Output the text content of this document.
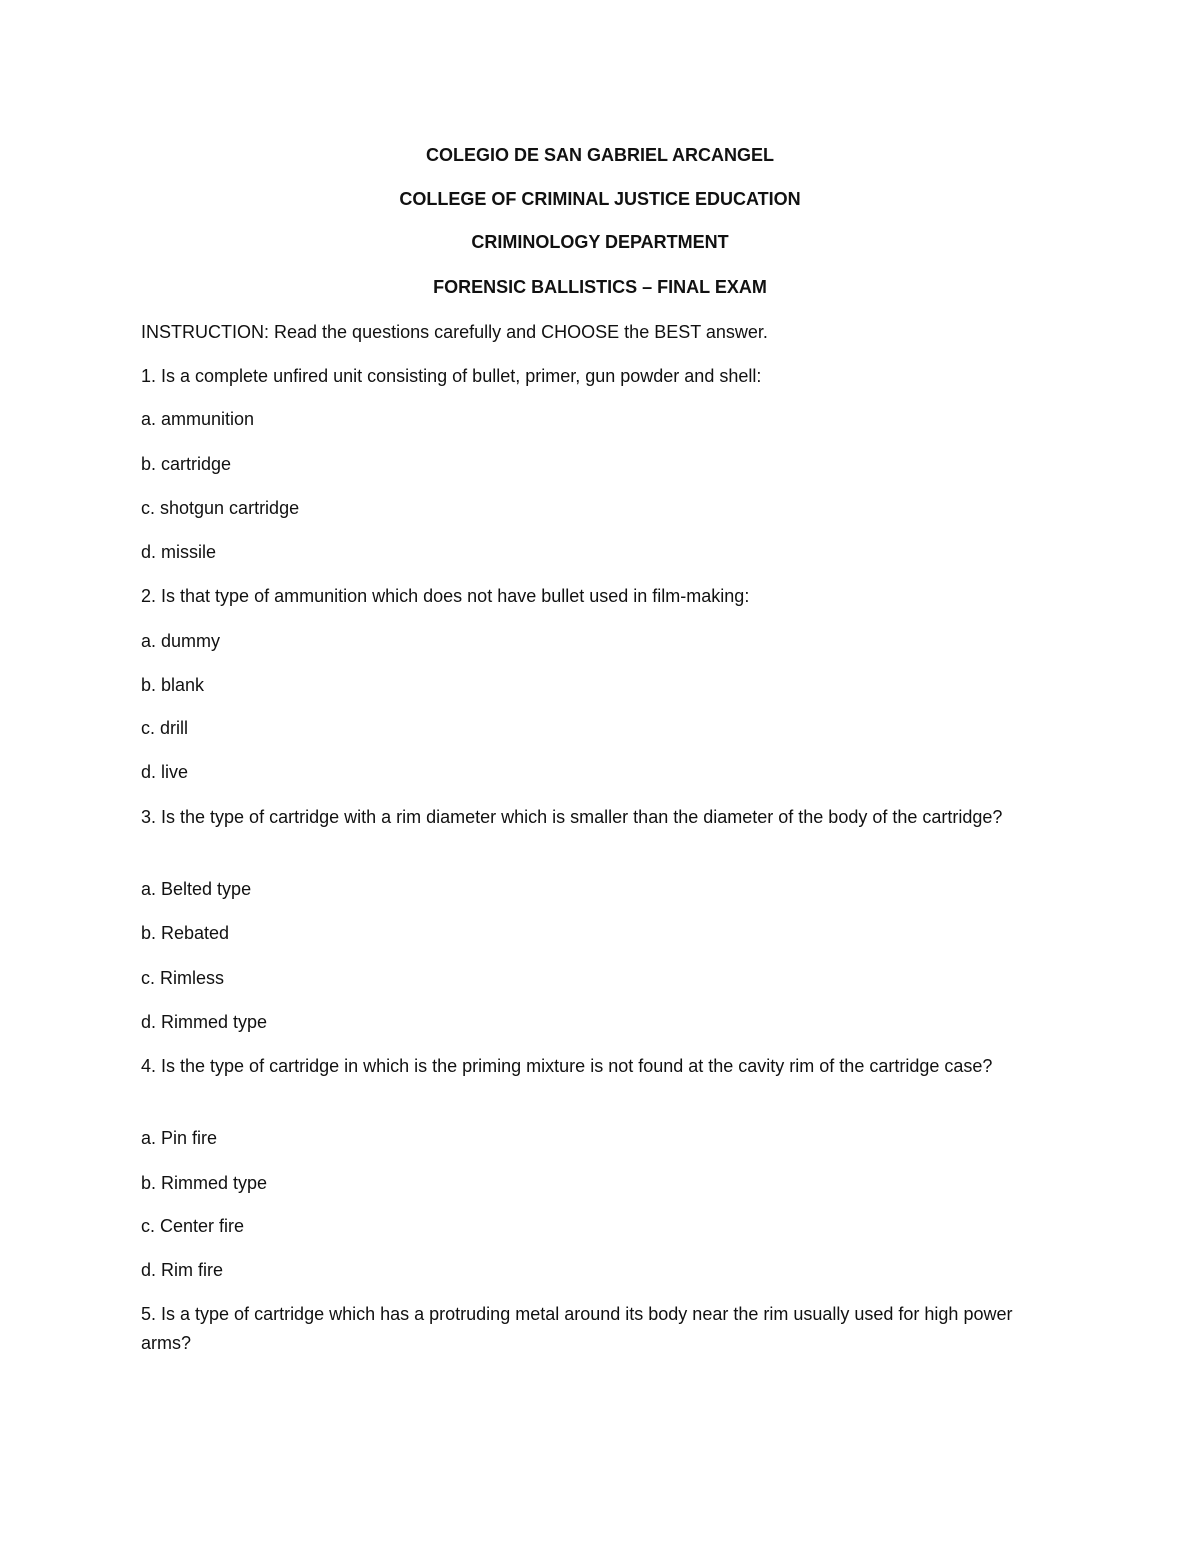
COLEGIO DE SAN GABRIEL ARCANGEL
COLLEGE OF CRIMINAL JUSTICE EDUCATION
CRIMINOLOGY DEPARTMENT
FORENSIC BALLISTICS – FINAL EXAM
INSTRUCTION: Read the questions carefully and CHOOSE the BEST answer.
1. Is a complete unfired unit consisting of bullet, primer, gun powder and shell:
a. ammunition
b. cartridge
c. shotgun cartridge
d. missile
2. Is that type of ammunition which does not have bullet used in film-making:
a. dummy
b. blank
c. drill
d. live
3. Is the type of cartridge with a rim diameter which is smaller than the diameter of the body of the cartridge?
a. Belted type
b. Rebated
c. Rimless
d. Rimmed type
4. Is the type of cartridge in which is the priming mixture is not found at the cavity rim of the cartridge case?
a. Pin fire
b. Rimmed type
c. Center fire
d. Rim fire
5. Is a type of cartridge which has a protruding metal around its body near the rim usually used for high power arms?
